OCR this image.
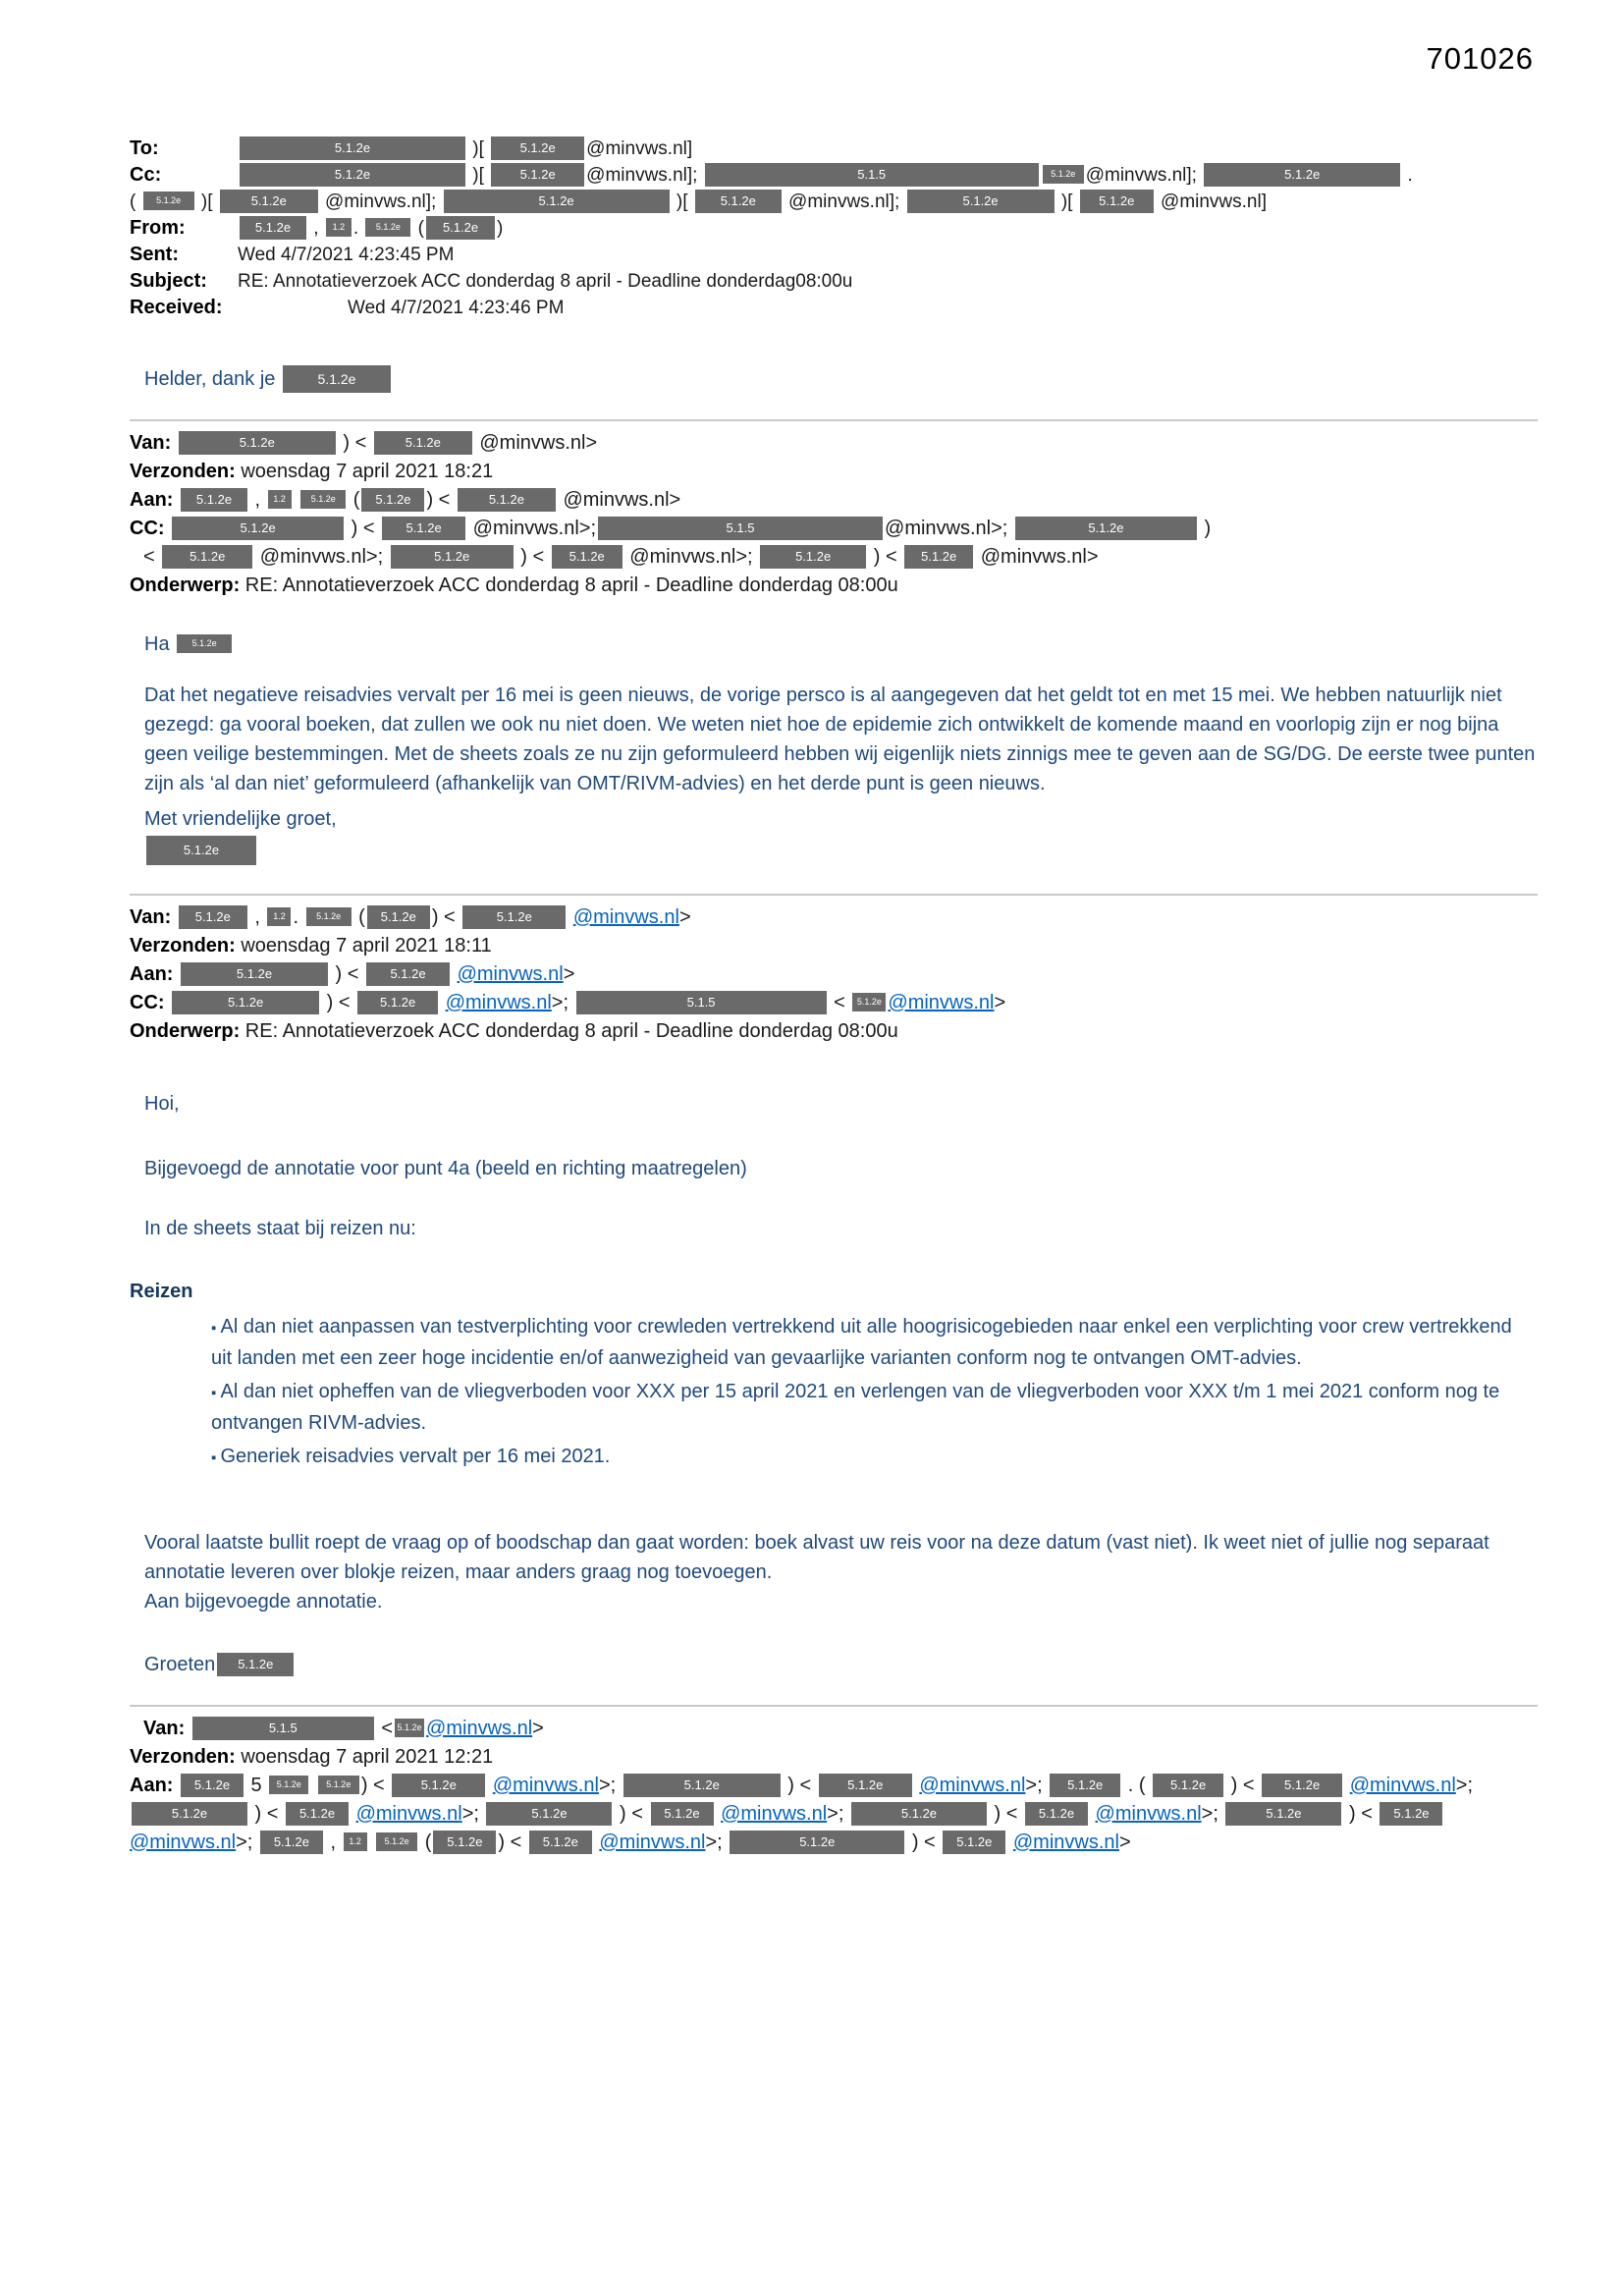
701026
To:	5.1.2e	)[ 5.1.2e @minvws.nl]
Cc:	5.1.2e	)[ 5.1.2e @minvws.nl];	5.1.5	5.1.2e @minvws.nl];	5.1.2e	.
( 5.1.2e )[	5.1.2e @minvws.nl];	5.1.2e	)[ 5.1.2e @minvws.nl];	5.1.2e	)[ 5.1.2e @minvws.nl]
From:	5.1.2e , 1.2 . 5.1.2e ( 5.1.2e )
Sent:	Wed 4/7/2021 4:23:45 PM
Subject:	RE: Annotatieverzoek ACC donderdag 8 april - Deadline donderdag08:00u
Received:	Wed 4/7/2021 4:23:46 PM
Helder, dank je	5.1.2e
Van:	5.1.2e	) <	5.1.2e @minvws.nl>
Verzonden: woensdag 7 april 2021 18:21
Aan: 5.1.2e , 1.2	5.1.2e ( 5.1.2e ) <	5.1.2e @minvws.nl>
CC:	5.1.2e	) < 5.1.2e @minvws.nl>;	5.1.5	@minvws.nl>;	5.1.2e	)
< 5.1.2e @minvws.nl>;	5.1.2e ) < 5.1.2e @minvws.nl>;	5.1.2e ) < 5.1.2e @minvws.nl>
Onderwerp: RE: Annotatieverzoek ACC donderdag 8 april - Deadline donderdag 08:00u
Ha 5.1.2e

Dat het negatieve reisadvies vervalt per 16 mei is geen nieuws, de vorige persco is al aangegeven dat het geldt tot en met 15 mei. We hebben natuurlijk niet gezegd: ga vooral boeken, dat zullen we ook nu niet doen. We weten niet hoe de epidemie zich ontwikkelt de komende maand en voorlopig zijn er nog bijna geen veilige bestemmingen. Met de sheets zoals ze nu zijn geformuleerd hebben wij eigenlijk niets zinnigs mee te geven aan de SG/DG. De eerste twee punten zijn als ‘al dan niet’ geformuleerd (afhankelijk van OMT/RIVM-advies) en het derde punt is geen nieuws.

Met vriendelijke groet,
5.1.2e
Van: 5.1.2e , 1.2 . 5.1.2e ( 5.1.2e ) <	5.1.2e @minvws.nl>
Verzonden: woensdag 7 april 2021 18:11
Aan:	5.1.2e	) < 5.1.2e @minvws.nl>
CC:	5.1.2e	) < 5.1.2e @minvws.nl>;	5.1.5	< 5.1.2e @minvws.nl>
Onderwerp: RE: Annotatieverzoek ACC donderdag 8 april - Deadline donderdag 08:00u
Hoi,
Bijgevoegd de annotatie voor punt 4a (beeld en richting maatregelen)
In de sheets staat bij reizen nu:
Reizen
▪ Al dan niet aanpassen van testverplichting voor crewleden vertrekkend uit alle hoogrisicogebieden naar enkel een verplichting voor crew vertrekkend uit landen met een zeer hoge incidentie en/of aanwezigheid van gevaarlijke varianten conform nog te ontvangen OMT-advies.
▪ Al dan niet opheffen van de vliegverboden voor XXX per 15 april 2021 en verlengen van de vliegverboden voor XXX t/m 1 mei 2021 conform nog te ontvangen RIVM-advies.
▪ Generiek reisadvies vervalt per 16 mei 2021.

Vooral laatste bullit roept de vraag op of boodschap dan gaat worden: boek alvast uw reis voor na deze datum (vast niet). Ik weet niet of jullie nog separaat annotatie leveren over blokje reizen, maar anders graag nog toevoegen.

Aan bijgevoegde annotatie.
Groeten 5.1.2e
Van:	5.1.5	< 5.1.2e @minvws.nl>
Verzonden: woensdag 7 april 2021 12:21
Aan: 5.1.2e 5 5.1.2e	5.1.2e ) < 5.1.2e @minvws.nl>;	5.1.2e	) < 5.1.2e @minvws.nl>; 5.1.2e . ( 5.1.2e ) < 5.1.2e @minvws.nl>; 5.1.2e ) < 5.1.2e @minvws.nl>;	5.1.2e ) < 5.1.2e @minvws.nl>;	5.1.2e	) < 5.1.2e @minvws.nl>;	5.1.2e ) < 5.1.2e @minvws.nl>; 5.1.2e , 1.2	5.1.2e ( 5.1.2e ) < 5.1.2e @minvws.nl>;	5.1.2e	) < 5.1.2e @minvws.nl>
